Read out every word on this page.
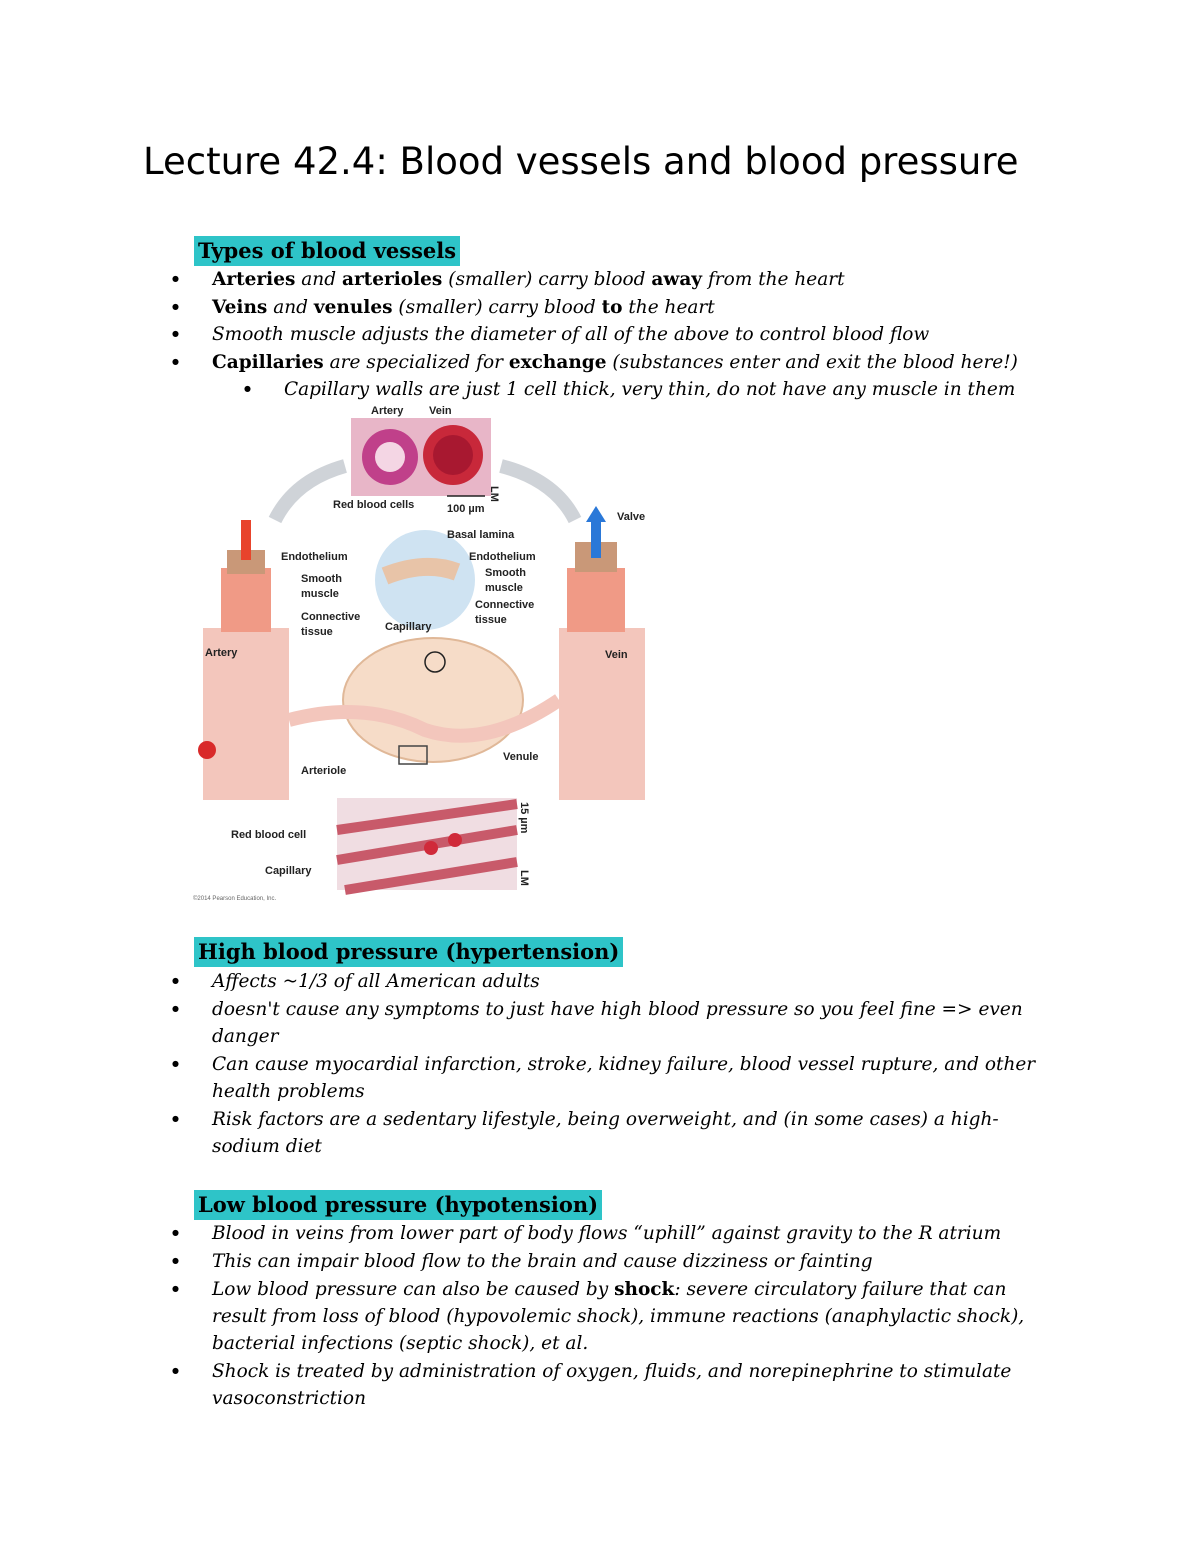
Lecture 42.4: Blood vessels and blood pressure
Types of blood vessels
● Arteries and arterioles (smaller) carry blood away from the heart
● Veins and venules (smaller) carry blood to the heart
● Smooth muscle adjusts the diameter of all of the above to control blood flow
● Capillaries are specialized for exchange (substances enter and exit the blood here!)
● Capillary walls are just 1 cell thick, very thin, do not have any muscle in them
Artery Vein
LM
Red blood cells	100 µm
Endothelium
Smooth
muscle
Connective
tissue
Artery
Arteriole
Basal lamina
Capillary
Valve
Endothelium
Smooth
muscle
Connective
tissue
Vein
Venule
Red blood cell
Capillary
15 µm
LM
©2014 Pearson Education, Inc.
High blood pressure (hypertension)
● Affects ~1/3 of all American adults
● doesn't cause any symptoms to just have high blood pressure so you feel fine => even
danger
● Can cause myocardial infarction, stroke, kidney failure, blood vessel rupture, and other
health problems
● Risk factors are a sedentary lifestyle, being overweight, and (in some cases) a high-
sodium diet
Low blood pressure (hypotension)
● Blood in veins from lower part of body flows “uphill” against gravity to the R atrium
● This can impair blood flow to the brain and cause dizziness or fainting
● Low blood pressure can also be caused by shock: severe circulatory failure that can
result from loss of blood (hypovolemic shock), immune reactions (anaphylactic shock),
bacterial infections (septic shock), et al.
● Shock is treated by administration of oxygen, fluids, and norepinephrine to stimulate
vasoconstriction
